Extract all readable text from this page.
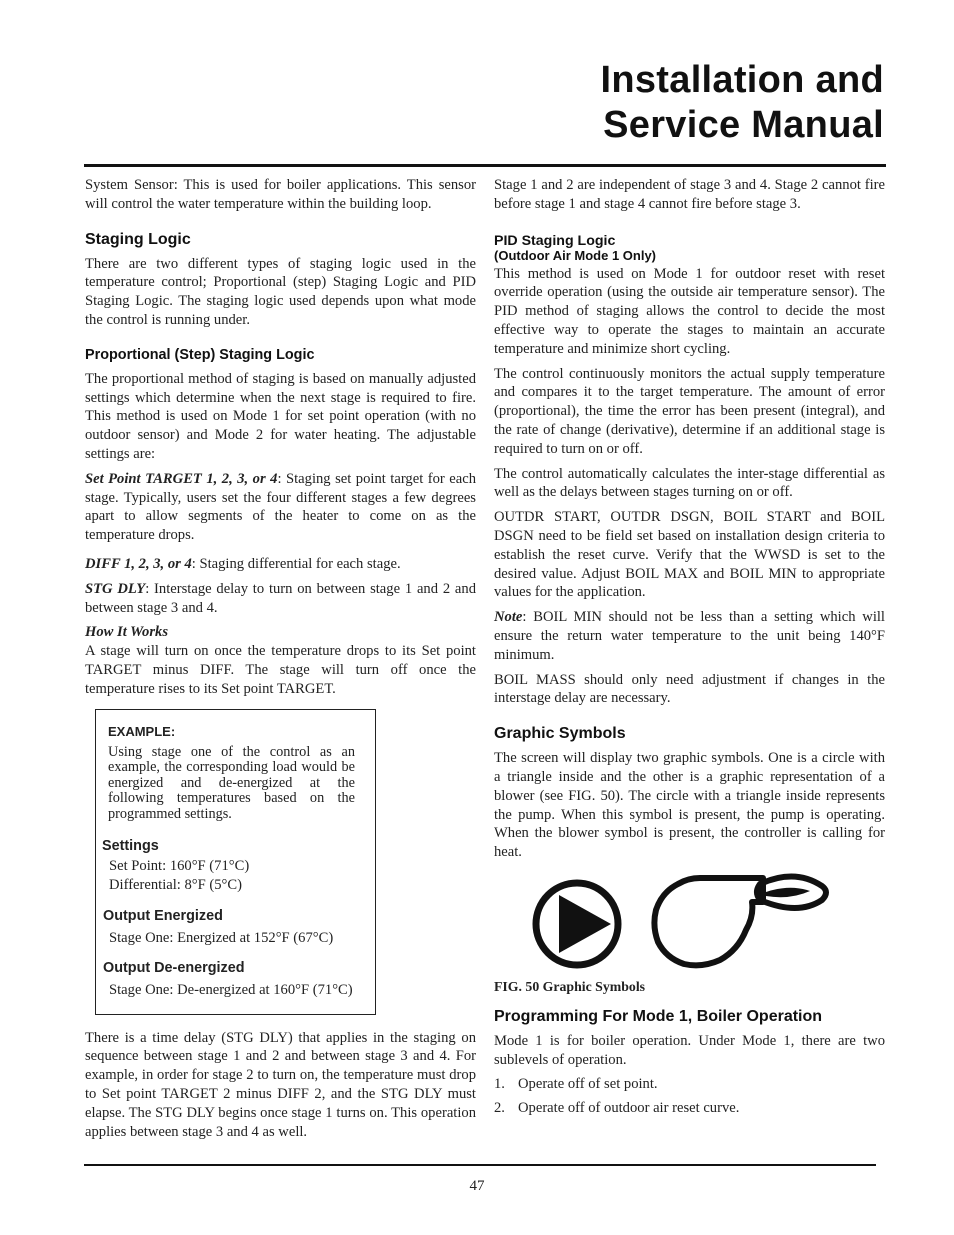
Installation and
Service Manual

System Sensor: This is used for boiler applications. This sensor will control the water temperature within the building loop.

Staging Logic

There are two different types of staging logic used in the temperature control; Proportional (step) Staging Logic and PID Staging Logic. The staging logic used depends upon what mode the control is running under.

Proportional (Step) Staging Logic

The proportional method of staging is based on manually adjusted settings which determine when the next stage is required to fire. This method is used on Mode 1 for set point operation (with no outdoor sensor) and Mode 2 for water heating. The adjustable settings are:

Set Point TARGET 1, 2, 3, or 4: Staging set point target for each stage. Typically, users set the four different stages a few degrees apart to allow segments of the heater to come on as the temperature drops.

DIFF 1, 2, 3, or 4: Staging differential for each stage.

STG DLY: Interstage delay to turn on between stage 1 and 2 and between stage 3 and 4.

How It Works

A stage will turn on once the temperature drops to its Set point TARGET minus DIFF. The stage will turn off once the temperature rises to its Set point TARGET.

EXAMPLE:
Using stage one of the control as an example, the corresponding load would be energized and de-energized at the following temperatures based on the programmed settings.
Settings
Set Point: 160°F (71°C)
Differential: 8°F (5°C)
Output Energized
Stage One: Energized at 152°F (67°C)
Output De-energized
Stage One: De-energized at 160°F (71°C)

There is a time delay (STG DLY) that applies in the staging on sequence between stage 1 and 2 and between stage 3 and 4. For example, in order for stage 2 to turn on, the temperature must drop to Set point TARGET 2 minus DIFF 2, and the STG DLY must elapse. The STG DLY begins once stage 1 turns on. This operation applies between stage 3 and 4 as well.

Stage 1 and 2 are independent of stage 3 and 4. Stage 2 cannot fire before stage 1 and stage 4 cannot fire before stage 3.

PID Staging Logic
(Outdoor Air Mode 1 Only)

This method is used on Mode 1 for outdoor reset with reset override operation (using the outside air temperature sensor). The PID method of staging allows the control to decide the most effective way to operate the stages to maintain an accurate temperature and minimize short cycling.

The control continuously monitors the actual supply temperature and compares it to the target temperature. The amount of error (proportional), the time the error has been present (integral), and the rate of change (derivative), determine if an additional stage is required to turn on or off.

The control automatically calculates the inter-stage differential as well as the delays between stages turning on or off.

OUTDR START, OUTDR DSGN, BOIL START and BOIL DSGN need to be field set based on installation design criteria to establish the reset curve. Verify that the WWSD is set to the desired value. Adjust BOIL MAX and BOIL MIN to appropriate values for the application.

Note: BOIL MIN should not be less than a setting which will ensure the return water temperature to the unit being 140°F minimum.

BOIL MASS should only need adjustment if changes in the interstage delay are necessary.

Graphic Symbols

The screen will display two graphic symbols. One is a circle with a triangle inside and the other is a graphic representation of a blower (see FIG. 50). The circle with a triangle inside represents the pump. When this symbol is present, the pump is operating. When the blower symbol is present, the controller is calling for heat.

FIG. 50 Graphic Symbols
Programming For Mode 1, Boiler Operation

Mode 1 is for boiler operation. Under Mode 1, there are two sublevels of operation.

1. Operate off of set point.
2. Operate off of outdoor air reset curve.
47
